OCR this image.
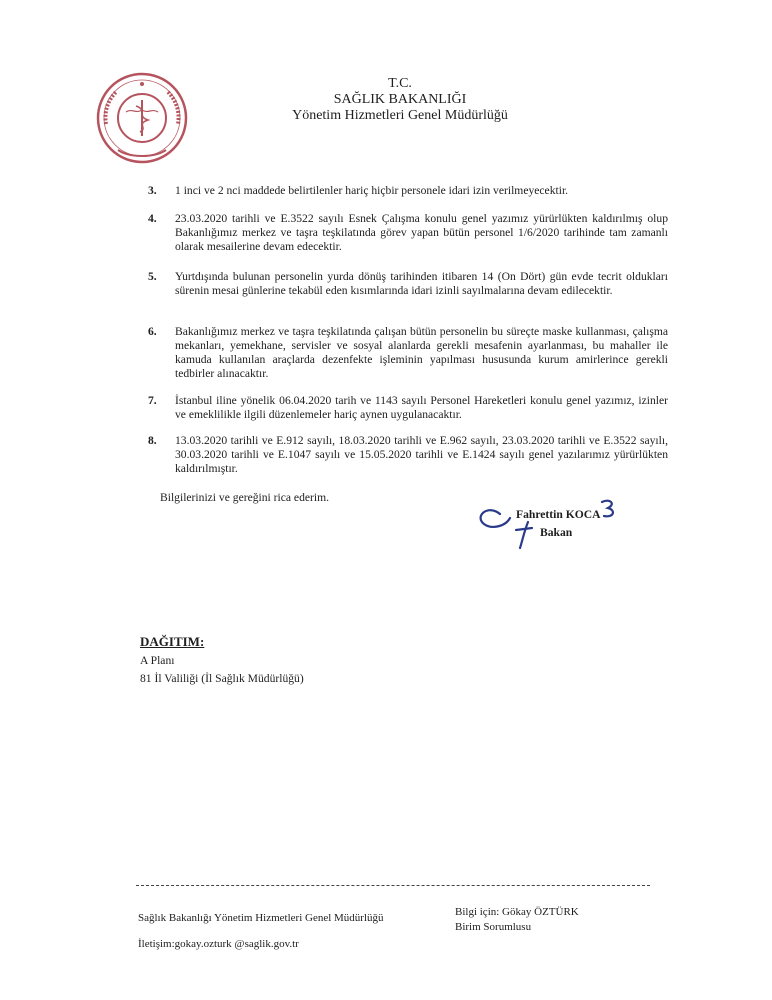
T.C.
SAĞLIK BAKANLIĞI
Yönetim Hizmetleri Genel Müdürlüğü
3. 1 inci ve 2 nci maddede belirtilenler hariç hiçbir personele idari izin verilmeyecektir.
4. 23.03.2020 tarihli ve E.3522 sayılı Esnek Çalışma konulu genel yazımız yürürlükten kaldırılmış olup Bakanlığımız merkez ve taşra teşkilatında görev yapan bütün personel 1/6/2020 tarihinde tam zamanlı olarak mesailerine devam edecektir.
5. Yurtdışında bulunan personelin yurda dönüş tarihinden itibaren 14 (On Dört) gün evde tecrit oldukları sürenin mesai günlerine tekabül eden kısımlarında idari izinli sayılmalarına devam edilecektir.
6. Bakanlığımız merkez ve taşra teşkilatında çalışan bütün personelin bu süreçte maske kullanması, çalışma mekanları, yemekhane, servisler ve sosyal alanlarda gerekli mesafenin ayarlanması, bu mahaller ile kamuda kullanılan araçlarda dezenfekte işleminin yapılması hususunda kurum amirlerince gerekli tedbirler alınacaktır.
7. İstanbul iline yönelik 06.04.2020 tarih ve 1143 sayılı Personel Hareketleri konulu genel yazımız, izinler ve emeklilikle ilgili düzenlemeler hariç aynen uygulanacaktır.
8. 13.03.2020 tarihli ve E.912 sayılı, 18.03.2020 tarihli ve E.962 sayılı, 23.03.2020 tarihli ve E.3522 sayılı, 30.03.2020 tarihli ve E.1047 sayılı ve 15.05.2020 tarihli ve E.1424 sayılı genel yazılarımız yürürlükten kaldırılmıştır.
Bilgilerinizi ve gereğini rica ederim.
Fahrettin KOCA
Bakan
DAĞITIM:
A Planı
81 İl Valiliği (İl Sağlık Müdürlüğü)
Sağlık Bakanlığı Yönetim Hizmetleri Genel Müdürlüğü
İletişim:gokay.ozturk @saglik.gov.tr
Bilgi için: Gökay ÖZTÜRK
Birim Sorumlusu
